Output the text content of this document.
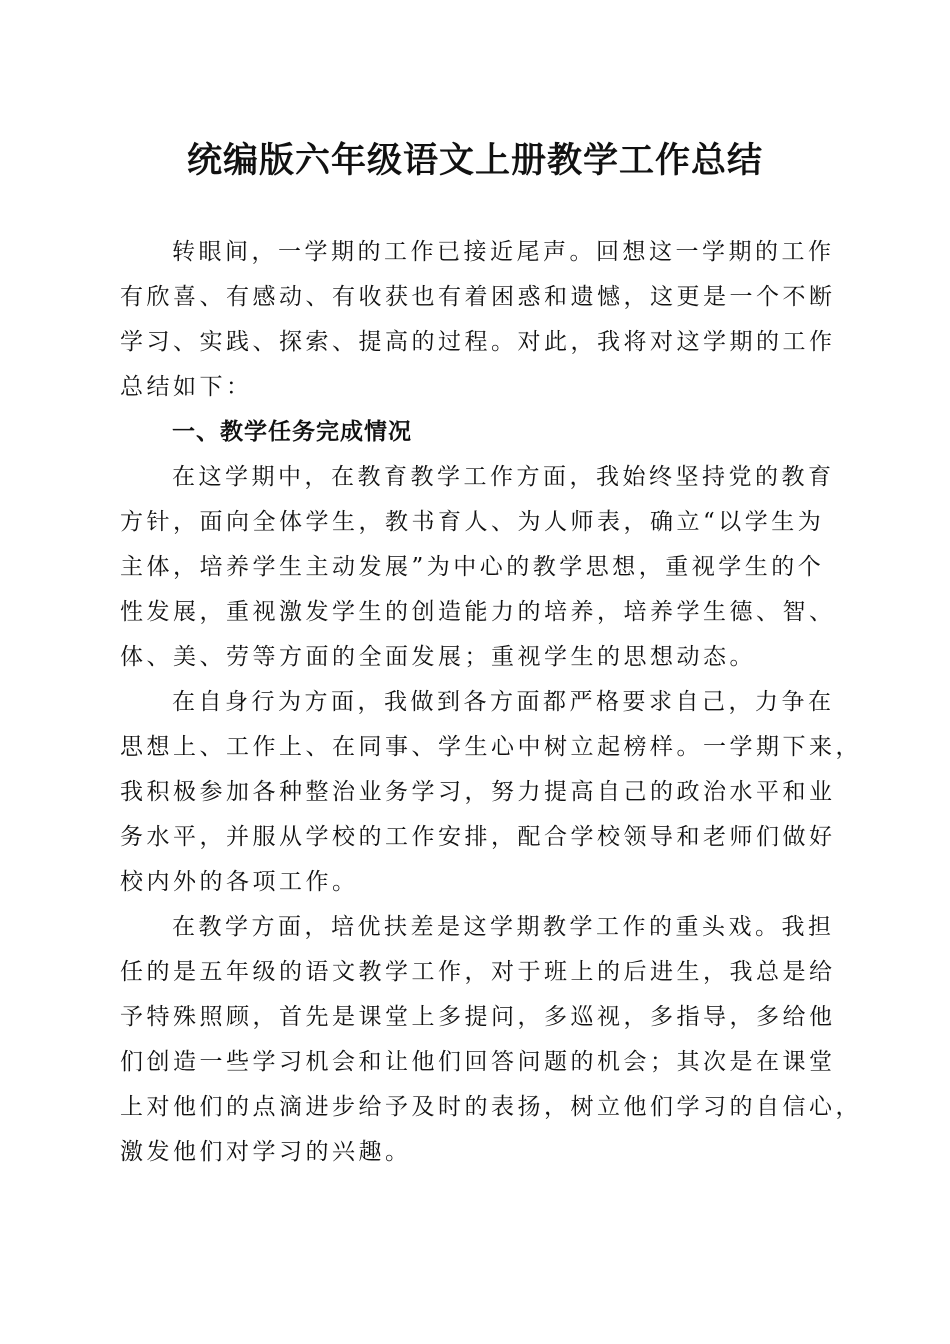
统编版六年级语文上册教学工作总结

转眼间，一学期的工作已接近尾声。回想这一学期的工作
有欣喜、有感动、有收获也有着困惑和遗憾，这更是一个不断
学习、实践、探索、提高的过程。对此，我将对这学期的工作
总结如下：

一、教学任务完成情况

在这学期中，在教育教学工作方面，我始终坚持党的教育
方针，面向全体学生，教书育人、为人师表，确立“以学生为
主体，培养学生主动发展”为中心的教学思想，重视学生的个
性发展，重视激发学生的创造能力的培养，培养学生德、智、
体、美、劳等方面的全面发展；重视学生的思想动态。

在自身行为方面，我做到各方面都严格要求自己，力争在
思想上、工作上、在同事、学生心中树立起榜样。一学期下来，
我积极参加各种整治业务学习，努力提高自己的政治水平和业
务水平，并服从学校的工作安排，配合学校领导和老师们做好
校内外的各项工作。

在教学方面，培优扶差是这学期教学工作的重头戏。我担
任的是五年级的语文教学工作，对于班上的后进生，我总是给
予特殊照顾，首先是课堂上多提问，多巡视，多指导，多给他
们创造一些学习机会和让他们回答问题的机会；其次是在课堂
上对他们的点滴进步给予及时的表扬，树立他们学习的自信心，
激发他们对学习的兴趣。
